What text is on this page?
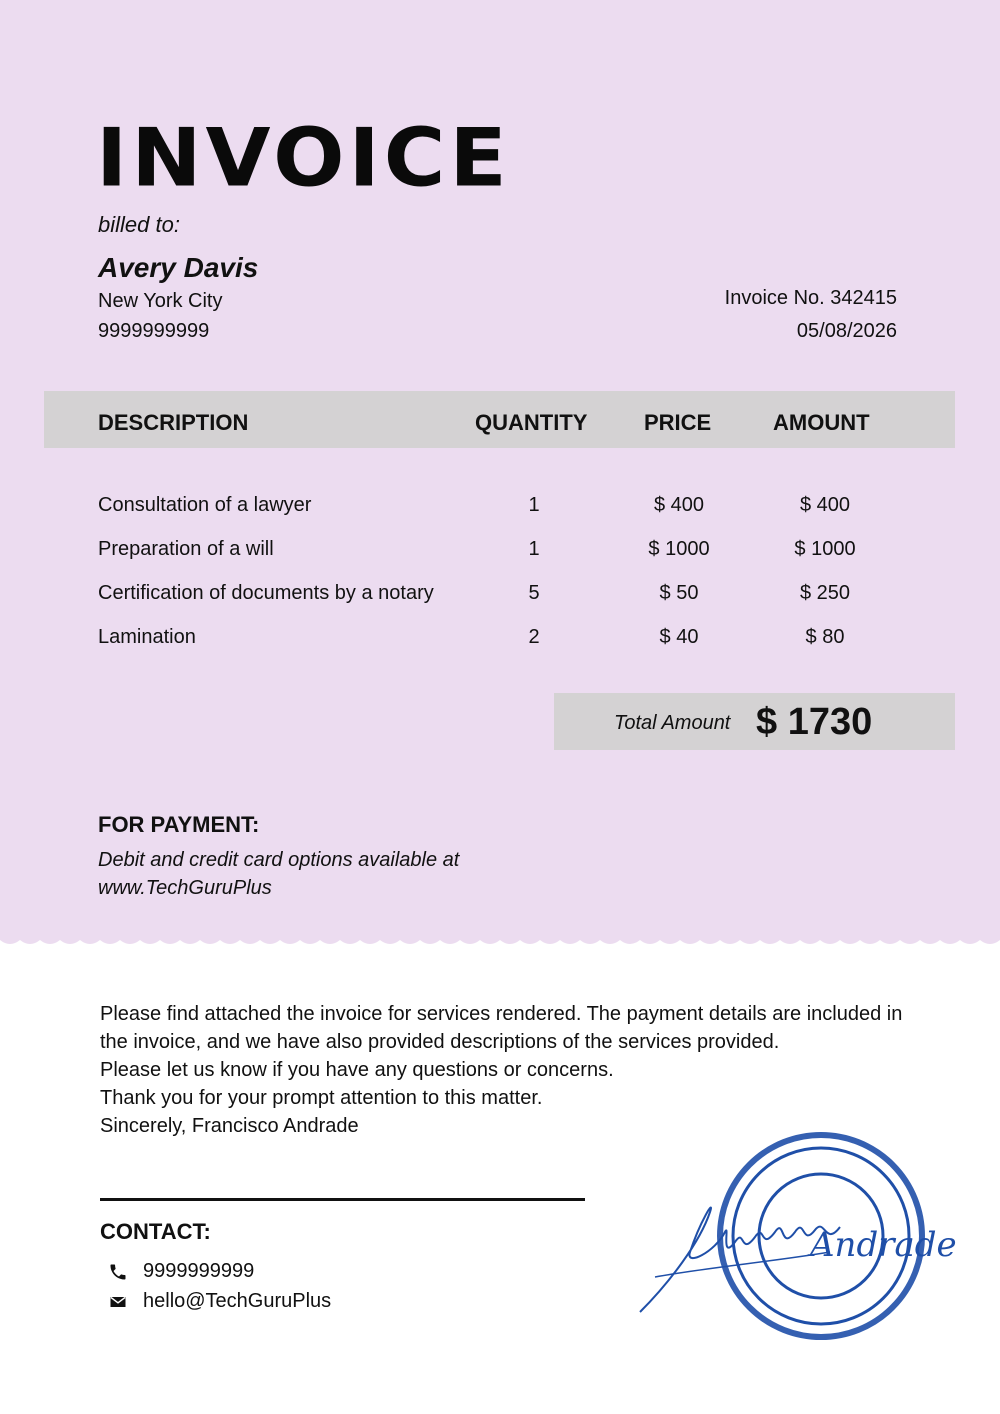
INVOICE
billed to:
Avery Davis
New York City
9999999999
Invoice No. 342415
05/08/2026
DESCRIPTION	QUANTITY	PRICE	AMOUNT
Consultation of a lawyer	1	$ 400	$ 400
Preparation of a will	1	$ 1000	$ 1000
Certification of documents by a notary	5	$ 50	$ 250
Lamination	2	$ 40	$ 80
Total Amount $ 1730
FOR PAYMENT:
Debit and credit card options available at www.TechGuruPlus

Please find attached the invoice for services rendered. The payment details are included in the invoice, and we have also provided descriptions of the services provided.

Please let us know if you have any questions or concerns.

Thank you for your prompt attention to this matter.

Sincerely, Francisco Andrade

CONTACT:
9999999999
hello@TechGuruPlus
Andrade
